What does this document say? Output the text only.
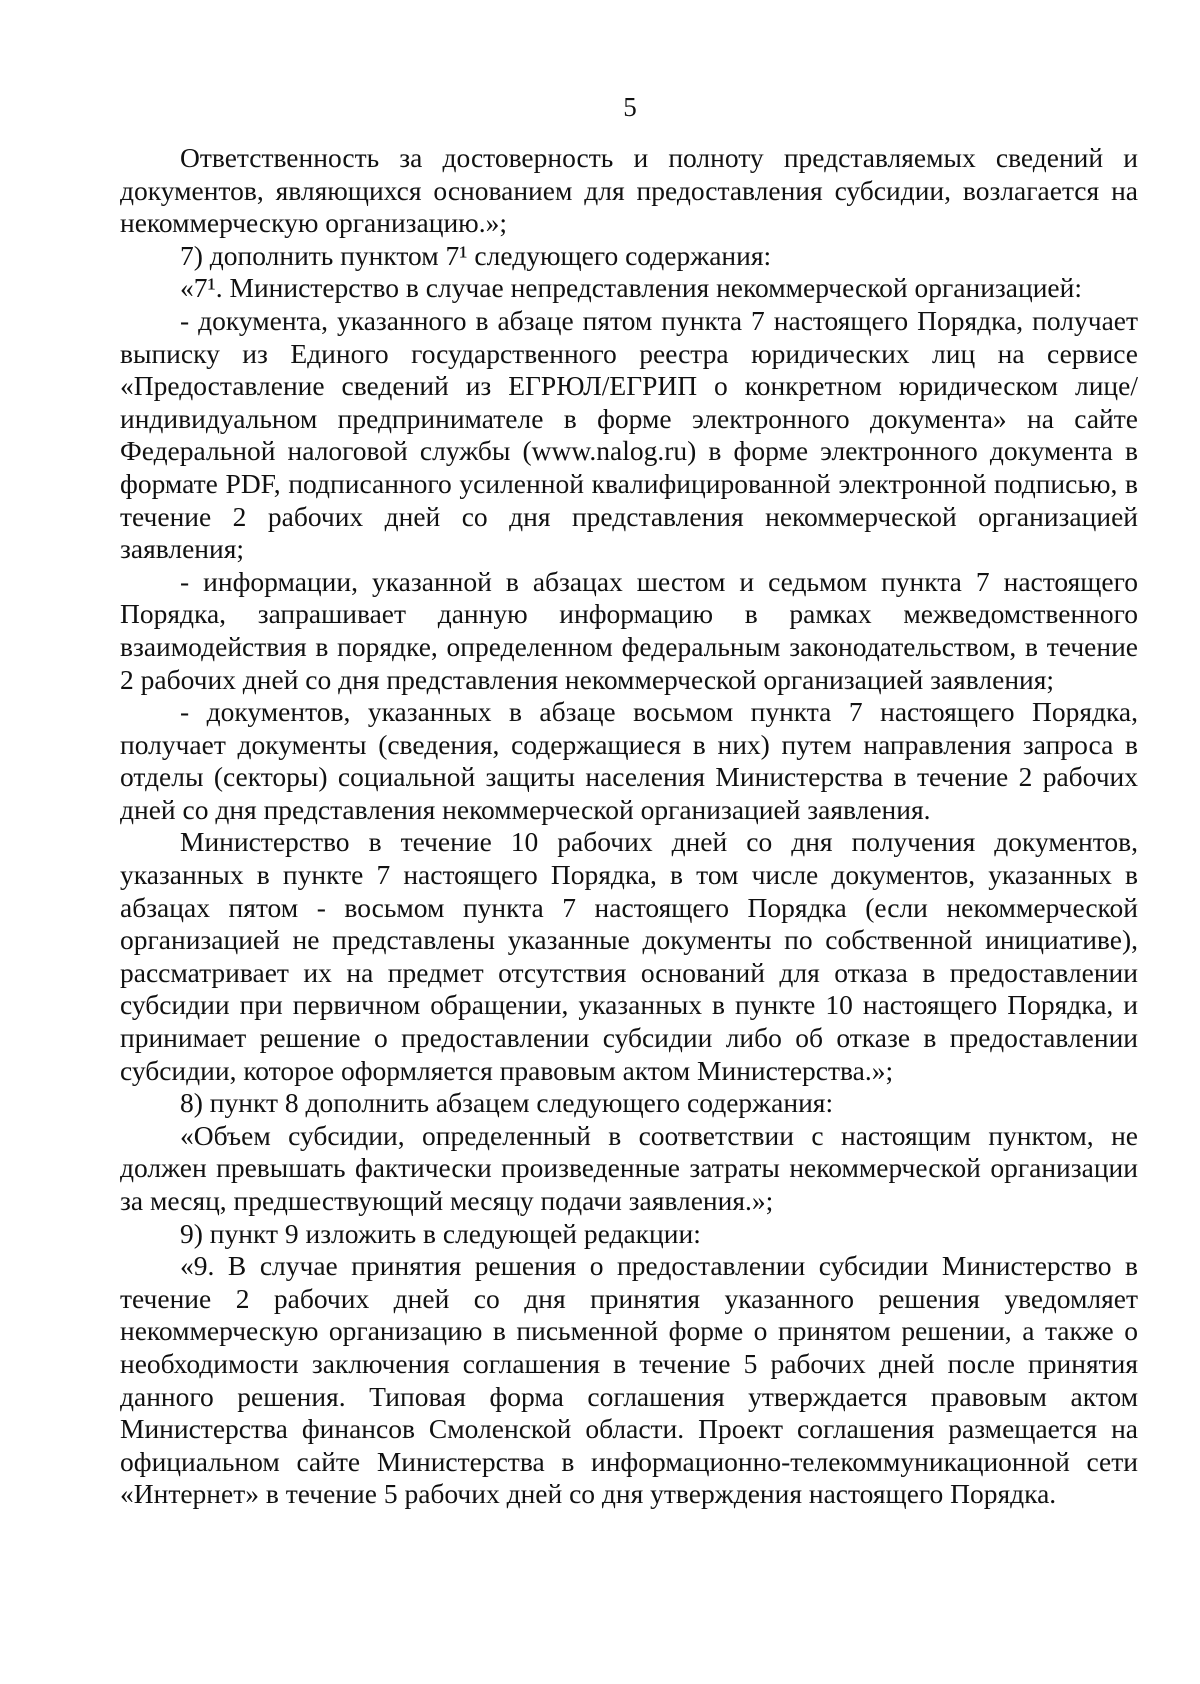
5

Ответственность за достоверность и полноту представляемых сведений и документов, являющихся основанием для предоставления субсидии, возлагается на некоммерческую организацию.»;

7) дополнить пунктом 7¹ следующего содержания:

«7¹. Министерство в случае непредставления некоммерческой организацией:

- документа, указанного в абзаце пятом пункта 7 настоящего Порядка, получает выписку из Единого государственного реестра юридических лиц на сервисе «Предоставление сведений из ЕГРЮЛ/ЕГРИП о конкретном юридическом лице/индивидуальном предпринимателе в форме электронного документа» на сайте Федеральной налоговой службы (www.nalog.ru) в форме электронного документа в формате PDF, подписанного усиленной квалифицированной электронной подписью, в течение 2 рабочих дней со дня представления некоммерческой организацией заявления;

- информации, указанной в абзацах шестом и седьмом пункта 7 настоящего Порядка, запрашивает данную информацию в рамках межведомственного взаимодействия в порядке, определенном федеральным законодательством, в течение 2 рабочих дней со дня представления некоммерческой организацией заявления;

- документов, указанных в абзаце восьмом пункта 7 настоящего Порядка, получает документы (сведения, содержащиеся в них) путем направления запроса в отделы (секторы) социальной защиты населения Министерства в течение 2 рабочих дней со дня представления некоммерческой организацией заявления.

Министерство в течение 10 рабочих дней со дня получения документов, указанных в пункте 7 настоящего Порядка, в том числе документов, указанных в абзацах пятом - восьмом пункта 7 настоящего Порядка (если некоммерческой организацией не представлены указанные документы по собственной инициативе), рассматривает их на предмет отсутствия оснований для отказа в предоставлении субсидии при первичном обращении, указанных в пункте 10 настоящего Порядка, и принимает решение о предоставлении субсидии либо об отказе в предоставлении субсидии, которое оформляется правовым актом Министерства.»;

8) пункт 8 дополнить абзацем следующего содержания:

«Объем субсидии, определенный в соответствии с настоящим пунктом, не должен превышать фактически произведенные затраты некоммерческой организации за месяц, предшествующий месяцу подачи заявления.»;

9) пункт 9 изложить в следующей редакции:

«9. В случае принятия решения о предоставлении субсидии Министерство в течение 2 рабочих дней со дня принятия указанного решения уведомляет некоммерческую организацию в письменной форме о принятом решении, а также о необходимости заключения соглашения в течение 5 рабочих дней после принятия данного решения. Типовая форма соглашения утверждается правовым актом Министерства финансов Смоленской области. Проект соглашения размещается на официальном сайте Министерства в информационно-телекоммуникационной сети «Интернет» в течение 5 рабочих дней со дня утверждения настоящего Порядка.
